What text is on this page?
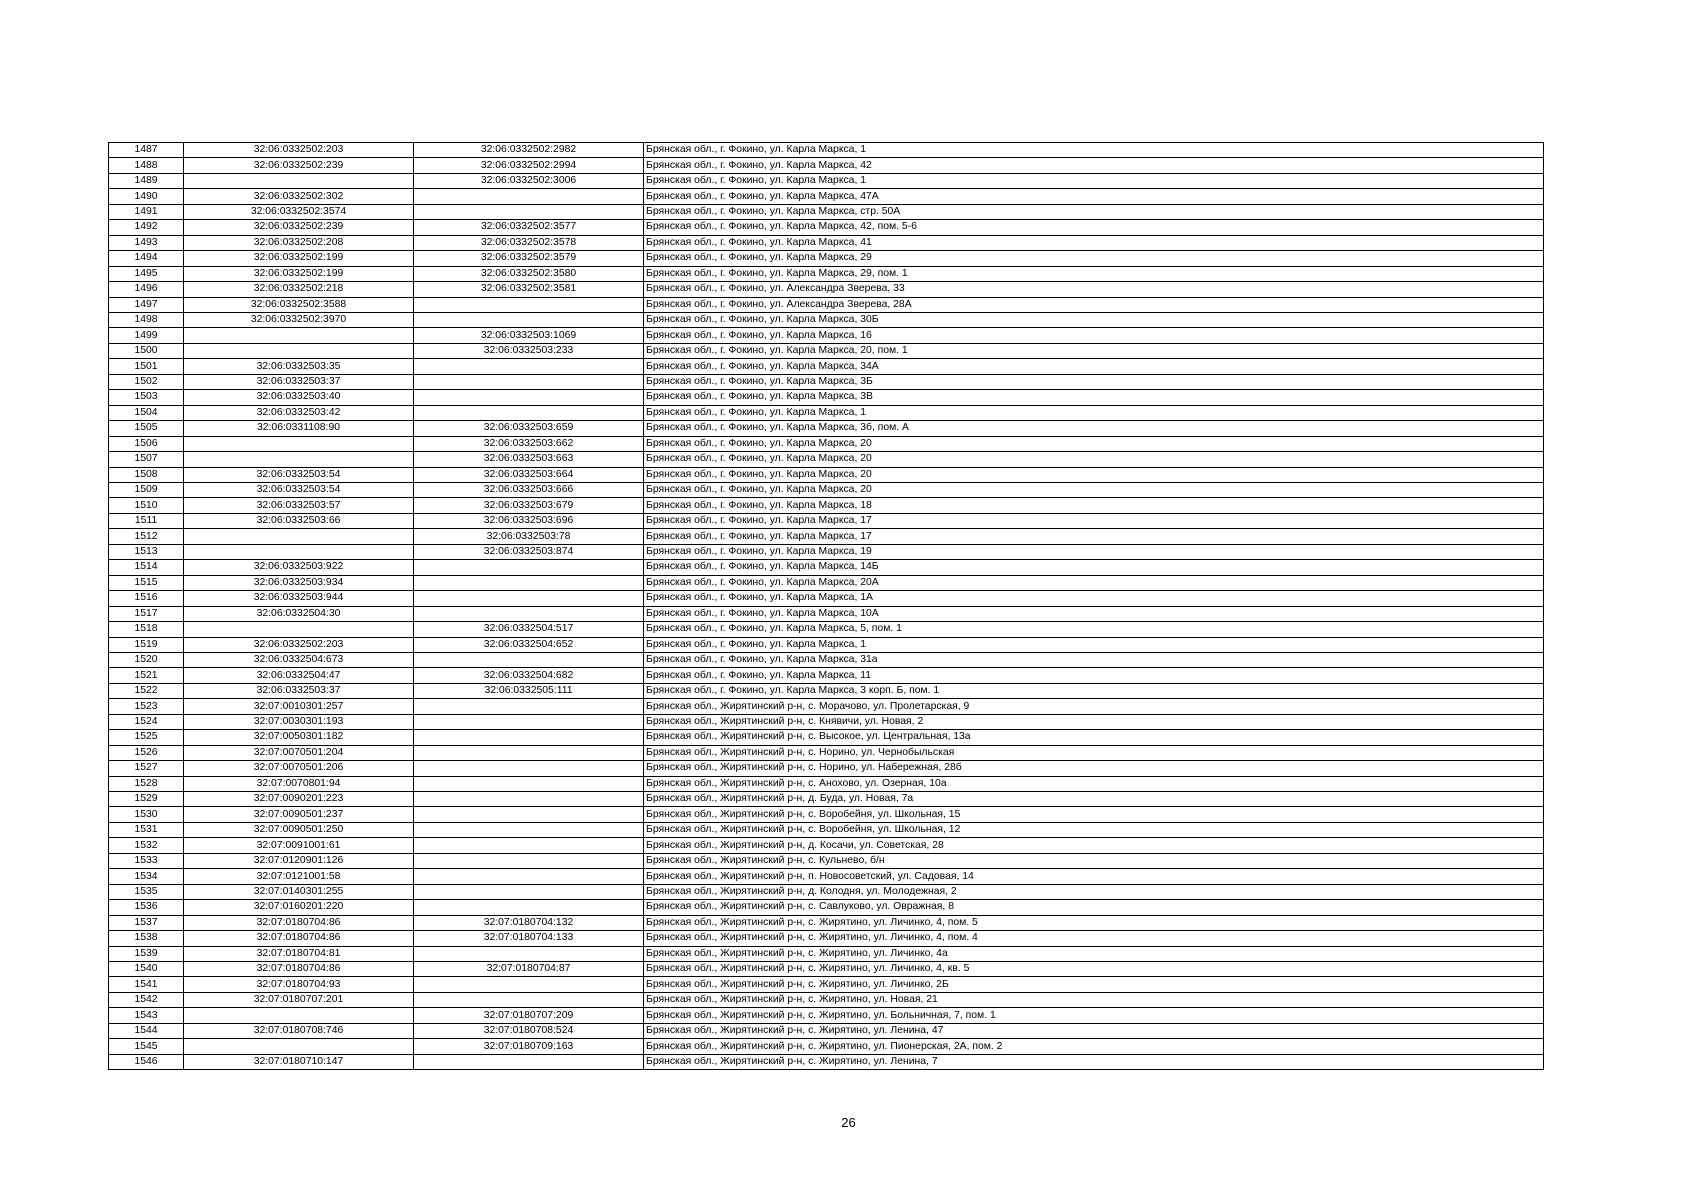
1487	32:06:0332502:203	32:06:0332502:2982	Брянская обл., г. Фокино, ул. Карла Маркса, 1
1488	32:06:0332502:239	32:06:0332502:2994	Брянская обл., г. Фокино, ул. Карла Маркса, 42
1489		32:06:0332502:3006	Брянская обл., г. Фокино, ул. Карла Маркса, 1
1490	32:06:0332502:302		Брянская обл., г. Фокино, ул. Карла Маркса, 47А
1491	32:06:0332502:3574		Брянская обл., г. Фокино, ул. Карла Маркса, стр. 50А
1492	32:06:0332502:239	32:06:0332502:3577	Брянская обл., г. Фокино, ул. Карла Маркса, 42, пом. 5-6
1493	32:06:0332502:208	32:06:0332502:3578	Брянская обл., г. Фокино, ул. Карла Маркса, 41
1494	32:06:0332502:199	32:06:0332502:3579	Брянская обл., г. Фокино, ул. Карла Маркса, 29
1495	32:06:0332502:199	32:06:0332502:3580	Брянская обл., г. Фокино, ул. Карла Маркса, 29, пом. 1
1496	32:06:0332502:218	32:06:0332502:3581	Брянская обл., г. Фокино, ул. Александра Зверева, 33
1497	32:06:0332502:3588		Брянская обл., г. Фокино, ул. Александра Зверева, 28А
1498	32:06:0332502:3970		Брянская обл., г. Фокино, ул. Карла Маркса, 30Б
1499		32:06:0332503:1069	Брянская обл., г. Фокино, ул. Карла Маркса, 16
1500		32:06:0332503:233	Брянская обл., г. Фокино, ул. Карла Маркса, 20, пом. 1
1501	32:06:0332503:35		Брянская обл., г. Фокино, ул. Карла Маркса, 34А
1502	32:06:0332503:37		Брянская обл., г. Фокино, ул. Карла Маркса, 3Б
1503	32:06:0332503:40		Брянская обл., г. Фокино, ул. Карла Маркса, 3В
1504	32:06:0332503:42		Брянская обл., г. Фокино, ул. Карла Маркса, 1
1505	32:06:0331108:90	32:06:0332503:659	Брянская обл., г. Фокино, ул. Карла Маркса, 3б, пом. А
1506		32:06:0332503:662	Брянская обл., г. Фокино, ул. Карла Маркса, 20
1507		32:06:0332503:663	Брянская обл., г. Фокино, ул. Карла Маркса, 20
1508	32:06:0332503:54	32:06:0332503:664	Брянская обл., г. Фокино, ул. Карла Маркса, 20
1509	32:06:0332503:54	32:06:0332503:666	Брянская обл., г. Фокино, ул. Карла Маркса, 20
1510	32:06:0332503:57	32:06:0332503:679	Брянская обл., г. Фокино, ул. Карла Маркса, 18
1511	32:06:0332503:66	32:06:0332503:696	Брянская обл., г. Фокино, ул. Карла Маркса, 17
1512		32:06:0332503:78	Брянская обл., г. Фокино, ул. Карла Маркса, 17
1513		32:06:0332503:874	Брянская обл., г. Фокино, ул. Карла Маркса, 19
1514	32:06:0332503:922		Брянская обл., г. Фокино, ул. Карла Маркса, 14Б
1515	32:06:0332503:934		Брянская обл., г. Фокино, ул. Карла Маркса, 20А
1516	32:06:0332503:944		Брянская обл., г. Фокино, ул. Карла Маркса, 1А
1517	32:06:0332504:30		Брянская обл., г. Фокино, ул. Карла Маркса, 10А
1518		32:06:0332504:517	Брянская обл., г. Фокино, ул. Карла Маркса, 5, пом. 1
1519	32:06:0332502:203	32:06:0332504:652	Брянская обл., г. Фокино, ул. Карла Маркса, 1
1520	32:06:0332504:673		Брянская обл., г. Фокино, ул. Карла Маркса, 31а
1521	32:06:0332504:47	32:06:0332504:682	Брянская обл., г. Фокино, ул. Карла Маркса, 11
1522	32:06:0332503:37	32:06:0332505:111	Брянская обл., г. Фокино, ул. Карла Маркса, 3 корп. Б, пом. 1
1523	32:07:0010301:257		Брянская обл., Жирятинский р-н, с. Морачово, ул. Пролетарская, 9
1524	32:07:0030301:193		Брянская обл., Жирятинский р-н, с. Княвичи, ул. Новая, 2
1525	32:07:0050301:182		Брянская обл., Жирятинский р-н, с. Высокое, ул. Центральная, 13а
1526	32:07:0070501:204		Брянская обл., Жирятинский р-н, с. Норино, ул. Чернобыльская
1527	32:07:0070501:206		Брянская обл., Жирятинский р-н, с. Норино, ул. Набережная, 28б
1528	32:07:0070801:94		Брянская обл., Жирятинский р-н, с. Анохово, ул. Озерная, 10а
1529	32:07:0090201:223		Брянская обл., Жирятинский р-н, д. Буда, ул. Новая, 7а
1530	32:07:0090501:237		Брянская обл., Жирятинский р-н, с. Воробейня, ул. Школьная, 15
1531	32:07:0090501:250		Брянская обл., Жирятинский р-н, с. Воробейня, ул. Школьная, 12
1532	32:07:0091001:61		Брянская обл., Жирятинский р-н, д. Косачи, ул. Советская, 28
1533	32:07:0120901:126		Брянская обл., Жирятинский р-н, с. Кульнево, б/н
1534	32:07:0121001:58		Брянская обл., Жирятинский р-н, п. Новосоветский, ул. Садовая, 14
1535	32:07:0140301:255		Брянская обл., Жирятинский р-н, д. Колодня, ул. Молодежная, 2
1536	32:07:0160201:220		Брянская обл., Жирятинский р-н, с. Савлуково, ул. Овражная, 8
1537	32:07:0180704:86	32:07:0180704:132	Брянская обл., Жирятинский р-н, с. Жирятино, ул. Личинко, 4, пом. 5
1538	32:07:0180704:86	32:07:0180704:133	Брянская обл., Жирятинский р-н, с. Жирятино, ул. Личинко, 4, пом. 4
1539	32:07:0180704:81		Брянская обл., Жирятинский р-н, с. Жирятино, ул. Личинко, 4а
1540	32:07:0180704:86	32:07:0180704:87	Брянская обл., Жирятинский р-н, с. Жирятино, ул. Личинко, 4, кв. 5
1541	32:07:0180704:93		Брянская обл., Жирятинский р-н, с. Жирятино, ул. Личинко, 2Б
1542	32:07:0180707:201		Брянская обл., Жирятинский р-н, с. Жирятино, ул. Новая, 21
1543		32:07:0180707:209	Брянская обл., Жирятинский р-н, с. Жирятино, ул. Больничная, 7, пом. 1
1544	32:07:0180708:746	32:07:0180708:524	Брянская обл., Жирятинский р-н, с. Жирятино, ул. Ленина, 47
1545		32:07:0180709:163	Брянская обл., Жирятинский р-н, с. Жирятино, ул. Пионерская, 2А, пом. 2
1546	32:07:0180710:147		Брянская обл., Жирятинский р-н, с. Жирятино, ул. Ленина, 7
26
